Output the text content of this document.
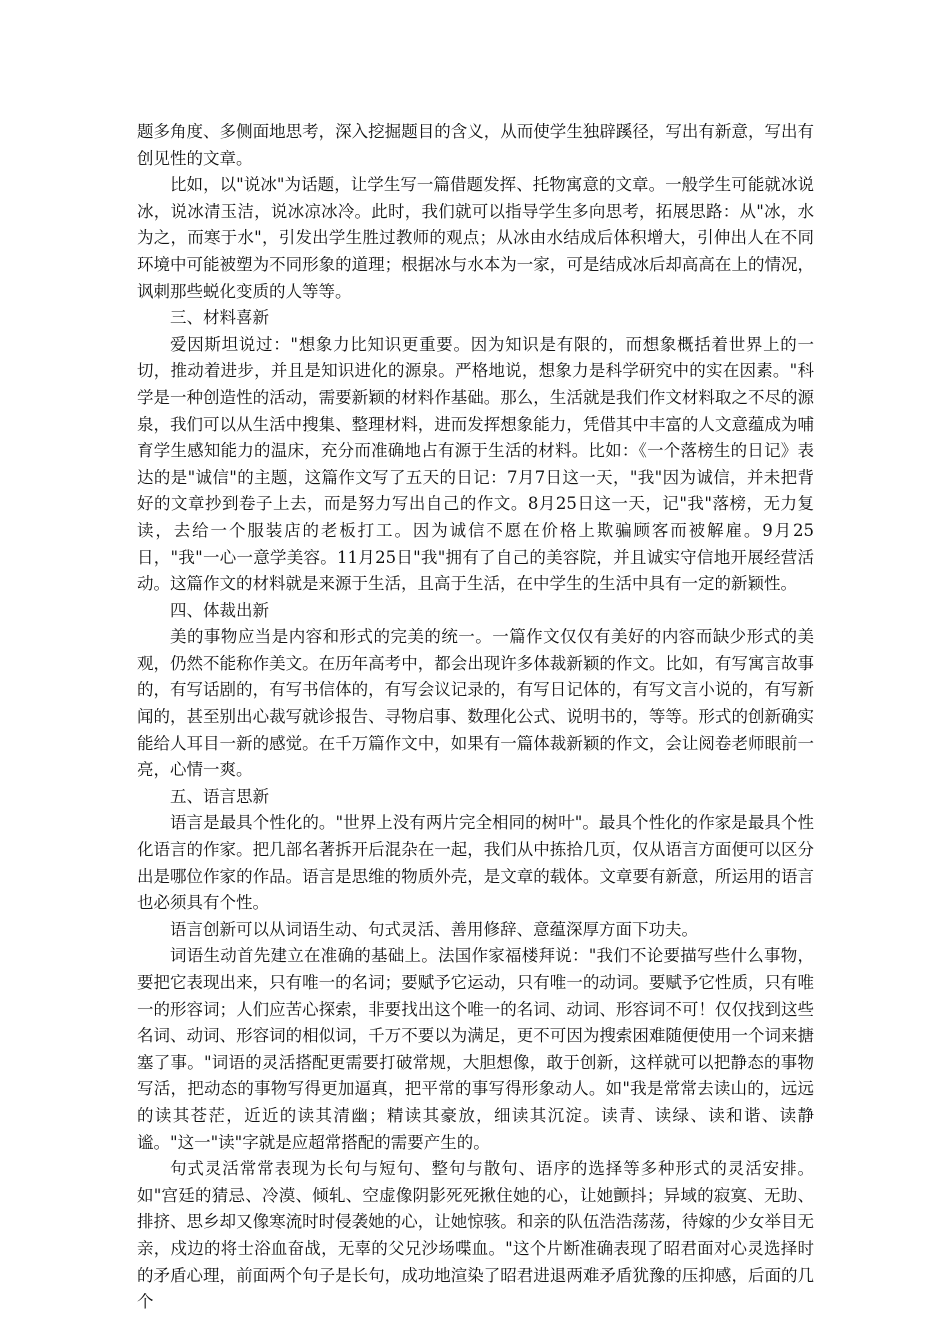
题多角度、多侧面地思考，深入挖掘题目的含义，从而使学生独辟蹊径，写出有新意，写出有创见性的文章。

比如，以"说冰"为话题，让学生写一篇借题发挥、托物寓意的文章。一般学生可能就冰说冰，说冰清玉洁，说冰凉冰冷。此时，我们就可以指导学生多向思考，拓展思路：从"冰，水为之，而寒于水"，引发出学生胜过教师的观点；从冰由水结成后体积增大，引伸出人在不同环境中可能被塑为不同形象的道理；根据冰与水本为一家，可是结成冰后却高高在上的情况，讽刺那些蜕化变质的人等等。

三、材料喜新

爱因斯坦说过："想象力比知识更重要。因为知识是有限的，而想象概括着世界上的一切，推动着进步，并且是知识进化的源泉。严格地说，想象力是科学研究中的实在因素。"科学是一种创造性的活动，需要新颖的材料作基础。那么，生活就是我们作文材料取之不尽的源泉，我们可以从生活中搜集、整理材料，进而发挥想象能力，凭借其中丰富的人文意蕴成为哺育学生感知能力的温床，充分而准确地占有源于生活的材料。比如：《一个落榜生的日记》表达的是"诚信"的主题，这篇作文写了五天的日记：7月7日这一天，"我"因为诚信，并未把背好的文章抄到卷子上去，而是努力写出自己的作文。8月25日这一天，记"我"落榜，无力复读，去给一个服装店的老板打工。因为诚信不愿在价格上欺骗顾客而被解雇。9月25日，"我"一心一意学美容。11月25日"我"拥有了自己的美容院，并且诚实守信地开展经营活动。这篇作文的材料就是来源于生活，且高于生活，在中学生的生活中具有一定的新颖性。

四、体裁出新

美的事物应当是内容和形式的完美的统一。一篇作文仅仅有美好的内容而缺少形式的美观，仍然不能称作美文。在历年高考中，都会出现许多体裁新颖的作文。比如，有写寓言故事的，有写话剧的，有写书信体的，有写会议记录的，有写日记体的，有写文言小说的，有写新闻的，甚至别出心裁写就诊报告、寻物启事、数理化公式、说明书的，等等。形式的创新确实能给人耳目一新的感觉。在千万篇作文中，如果有一篇体裁新颖的作文，会让阅卷老师眼前一亮，心情一爽。

五、语言思新

语言是最具个性化的。"世界上没有两片完全相同的树叶"。最具个性化的作家是最具个性化语言的作家。把几部名著拆开后混杂在一起，我们从中拣拾几页，仅从语言方面便可以区分出是哪位作家的作品。语言是思维的物质外壳，是文章的载体。文章要有新意，所运用的语言也必须具有个性。

语言创新可以从词语生动、句式灵活、善用修辞、意蕴深厚方面下功夫。

词语生动首先建立在准确的基础上。法国作家福楼拜说："我们不论要描写些什么事物，要把它表现出来，只有唯一的名词；要赋予它运动，只有唯一的动词。要赋予它性质，只有唯一的形容词；人们应苦心探索，非要找出这个唯一的名词、动词、形容词不可！仅仅找到这些名词、动词、形容词的相似词，千万不要以为满足，更不可因为搜索困难随便使用一个词来搪塞了事。"词语的灵活搭配更需要打破常规，大胆想像，敢于创新，这样就可以把静态的事物写活，把动态的事物写得更加逼真，把平常的事写得形象动人。如"我是常常去读山的，远远的读其苍茫，近近的读其清幽；精读其豪放，细读其沉淀。读青、读绿、读和谐、读静谧。"这一"读"字就是应超常搭配的需要产生的。

句式灵活常常表现为长句与短句、整句与散句、语序的选择等多种形式的灵活安排。如"宫廷的猜忌、冷漠、倾轧、空虚像阴影死死揪住她的心，让她颤抖；异域的寂寞、无助、排挤、思乡却又像寒流时时侵袭她的心，让她惊骇。和亲的队伍浩浩荡荡，待嫁的少女举目无亲，戍边的将士浴血奋战，无辜的父兄沙场喋血。"这个片断准确表现了昭君面对心灵选择时的矛盾心理，前面两个句子是长句，成功地渲染了昭君进退两难矛盾犹豫的压抑感，后面的几个
